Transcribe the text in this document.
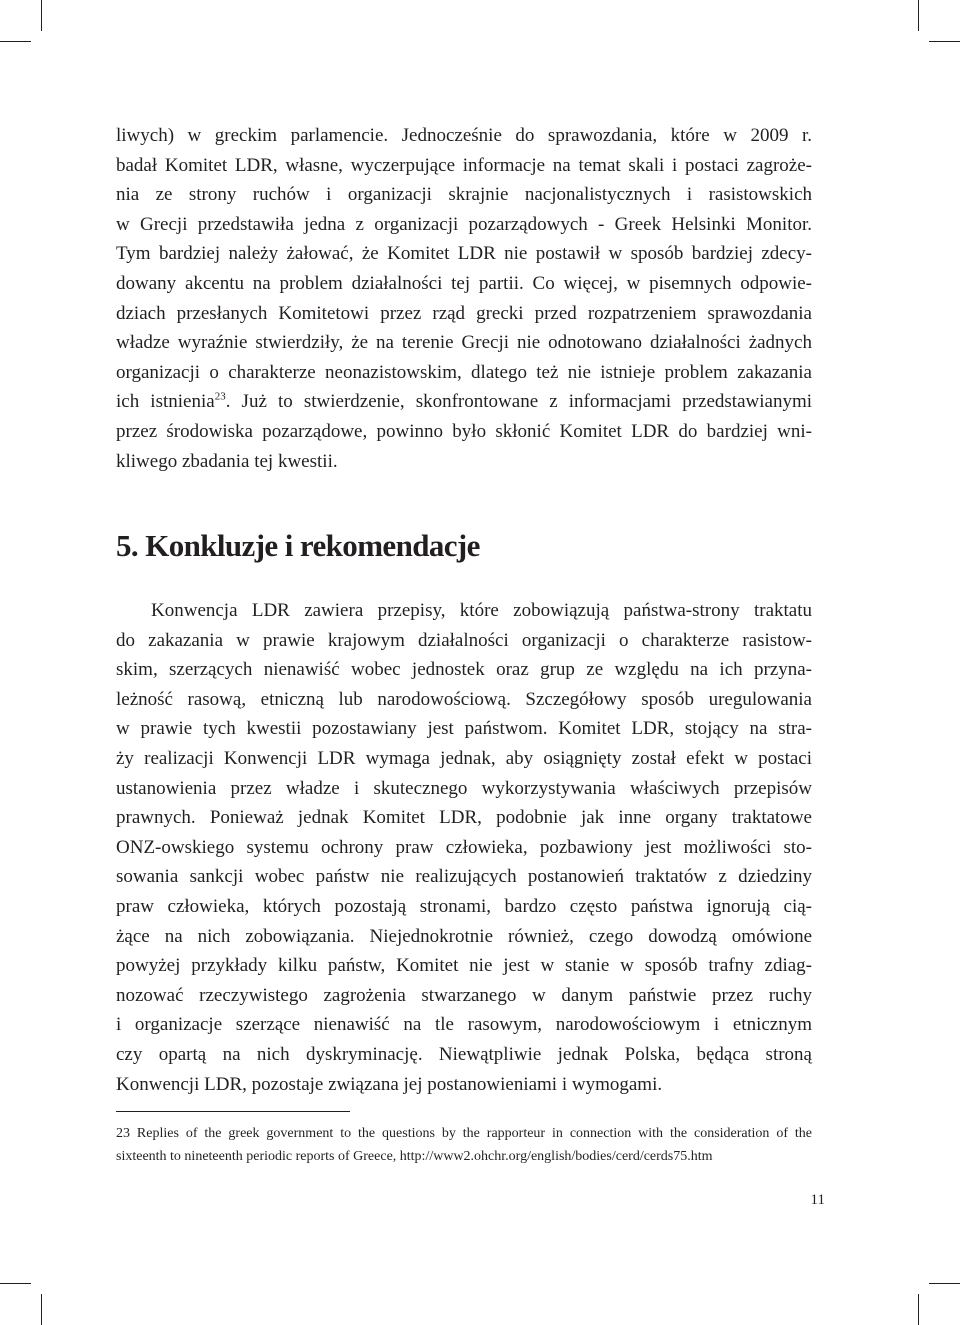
liwych) w greckim parlamencie. Jednocześnie do sprawozdania, które w 2009 r.
badał Komitet LDR, własne, wyczerpujące informacje na temat skali i postaci zagroże-
nia ze strony ruchów i organizacji skrajnie nacjonalistycznych i rasistowskich
w Grecji przedstawiła jedna z organizacji pozarządowych - Greek Helsinki Monitor.
Tym bardziej należy żałować, że Komitet LDR nie postawił w sposób bardziej zdecy-
dowany akcentu na problem działalności tej partii. Co więcej, w pisemnych odpowie-
dziach przesłanych Komitetowi przez rząd grecki przed rozpatrzeniem sprawozdania
władze wyraźnie stwierdziły, że na terenie Grecji nie odnotowano działalności żadnych
organizacji o charakterze neonazistowskim, dlatego też nie istnieje problem zakazania
ich istnienia$^{23}$. Już to stwierdzenie, skonfrontowane z informacjami przedstawianymi
przez środowiska pozarządowe, powinno było skłonić Komitet LDR do bardziej wni-
kliwego zbadania tej kwestii.

5. Konkluzje i rekomendacje

Konwencja LDR zawiera przepisy, które zobowiązują państwa-strony traktatu
do zakazania w prawie krajowym działalności organizacji o charakterze rasistow-
skim, szerzących nienawiść wobec jednostek oraz grup ze względu na ich przyna-
leżność rasową, etniczną lub narodowościową. Szczegółowy sposób uregulowania
w prawie tych kwestii pozostawiany jest państwom. Komitet LDR, stojący na stra-
ży realizacji Konwencji LDR wymaga jednak, aby osiągnięty został efekt w postaci
ustanowienia przez władze i skutecznego wykorzystywania właściwych przepisów
prawnych. Ponieważ jednak Komitet LDR, podobnie jak inne organy traktatowe
ONZ-owskiego systemu ochrony praw człowieka, pozbawiony jest możliwości sto-
sowania sankcji wobec państw nie realizujących postanowień traktatów z dziedziny
praw człowieka, których pozostają stronami, bardzo często państwa ignorują cią-
żące na nich zobowiązania. Niejednokrotnie również, czego dowodzą omówione
powyżej przykłady kilku państw, Komitet nie jest w stanie w sposób trafny zdiag-
nozować rzeczywistego zagrożenia stwarzanego w danym państwie przez ruchy
i organizacje szerzące nienawiść na tle rasowym, narodowościowym i etnicznym
czy opartą na nich dyskryminację. Niewątpliwie jednak Polska, będąca stroną
Konwencji LDR, pozostaje związana jej postanowieniami i wymogami.

23 Replies of the greek government to the questions by the rapporteur in connection with the consideration of the
sixteenth to nineteenth periodic reports of Greece, http://www2.ohchr.org/english/bodies/cerd/cerds75.htm

11
